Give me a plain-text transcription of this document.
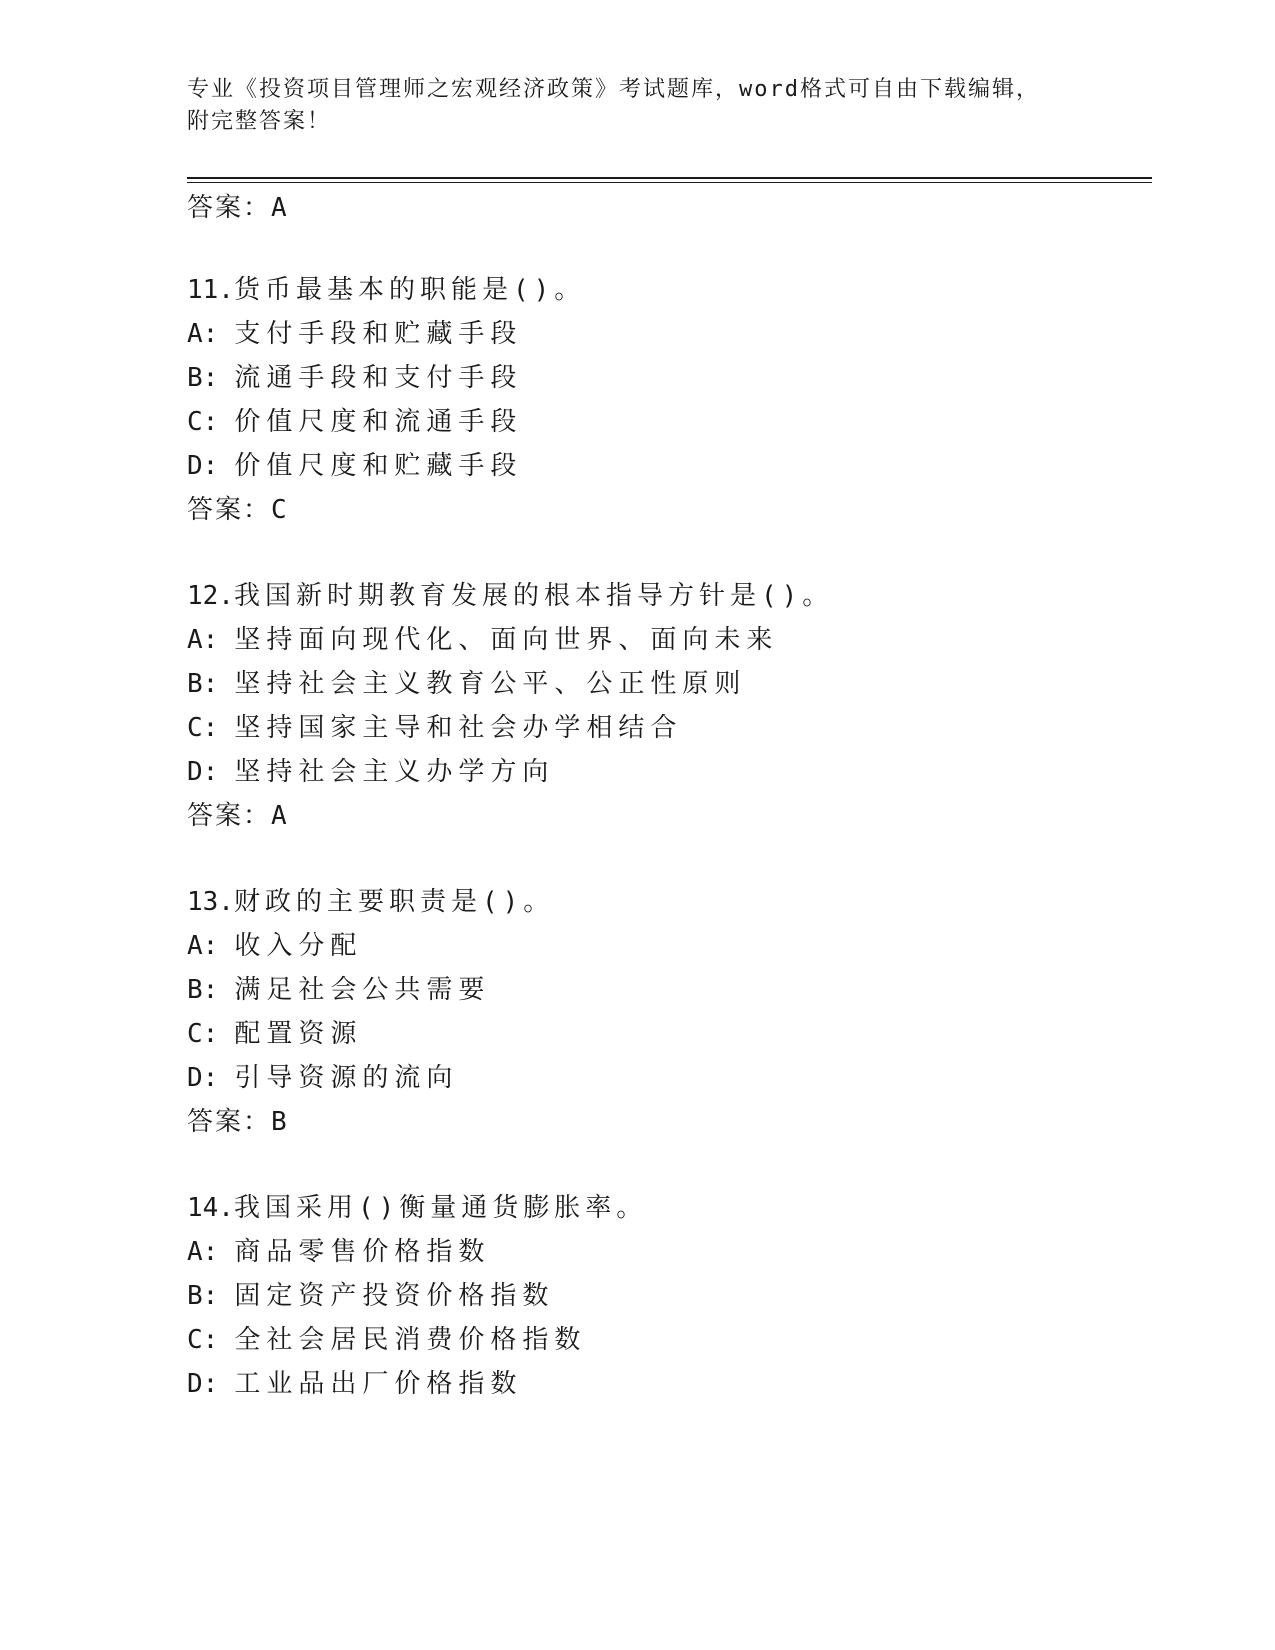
专业《投资项目管理师之宏观经济政策》考试题库，word格式可自由下载编辑，
附完整答案！
答案：A
11.货币最基本的职能是()。
A: 支付手段和贮藏手段
B: 流通手段和支付手段
C: 价值尺度和流通手段
D: 价值尺度和贮藏手段
答案：C
12.我国新时期教育发展的根本指导方针是()。
A: 坚持面向现代化、面向世界、面向未来
B: 坚持社会主义教育公平、公正性原则
C: 坚持国家主导和社会办学相结合
D: 坚持社会主义办学方向
答案：A
13.财政的主要职责是()。
A: 收入分配
B: 满足社会公共需要
C: 配置资源
D: 引导资源的流向
答案：B
14.我国采用()衡量通货膨胀率。
A: 商品零售价格指数
B: 固定资产投资价格指数
C: 全社会居民消费价格指数
D: 工业品出厂价格指数
